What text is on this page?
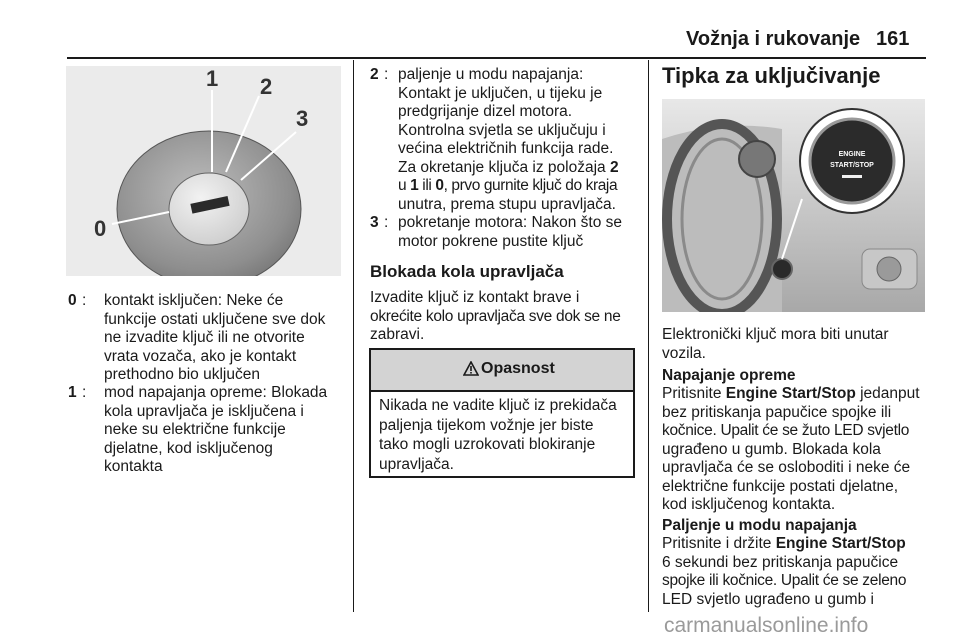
Vožnja i rukovanje 161
1 2
3
0
0 : kontakt isključen: Neke će
funkcije ostati uključene sve dok
ne izvadite ključ ili ne otvorite
vrata vozača, ako je kontakt
prethodno bio uključen
1 : mod napajanja opreme: Blokada
kola upravljača je isključena i
neke su električne funkcije
djelatne, kod isključenog
kontakta
2 : paljenje u modu napajanja:
Kontakt je uključen, u tijeku je
predgrijanje dizel motora.
Kontrolna svjetla se uključuju i
većina električnih funkcija rade.
Za okretanje ključa iz položaja 2
u 1 ili 0, prvo gurnite ključ do kraja
unutra, prema stupu upravljača.
3 : pokretanje motora: Nakon što se
motor pokrene pustite ključ
Blokada kola upravljača
Izvadite ključ iz kontakt brave i
okrećite kolo upravljača sve dok se ne
zabravi.
Opasnost
Nikada ne vadite ključ iz prekidača
paljenja tijekom vožnje jer biste
tako mogli uzrokovati blokiranje
upravljača.
Tipka za uključivanje
ENGINE
START/STOP
Elektronički ključ mora biti unutar
vozila.
Napajanje opreme
Pritisnite Engine Start/Stop jedanput
bez pritiskanja papučice spojke ili
kočnice. Upalit će se žuto LED svjetlo
ugrađeno u gumb. Blokada kola
upravljača će se osloboditi i neke će
električne funkcije postati djelatne,
kod isključenog kontakta.
Paljenje u modu napajanja
Pritisnite i držite Engine Start/Stop
6 sekundi bez pritiskanja papučice
spojke ili kočnice. Upalit će se zeleno
LED svjetlo ugrađeno u gumb i
carmanualsonline.info
